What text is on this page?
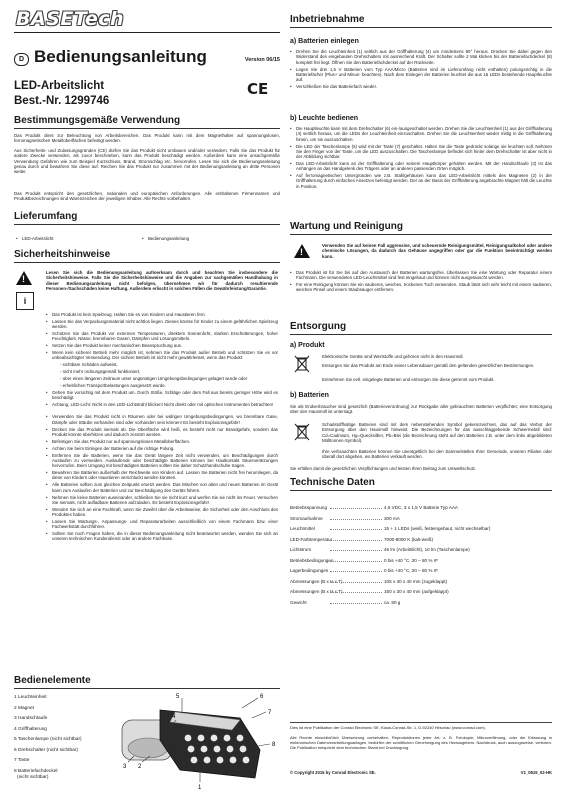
BASETech
D Bedienungsanleitung	Version 06/15
LED-Arbeitslicht
Best.-Nr. 1299746
CE
Bestimmungsgemäße Verwendung
Das Produkt dient zur Beleuchtung von Arbeitsbereichen. Das Produkt kann mit dem Magnethalter auf spannungslosen, ferromagnetischen Metalloberflächen befestigt werden.
Aus Sicherheits- und Zulassungsgründen (CE) dürfen Sie das Produkt nicht umbauen und/oder verändern. Falls Sie das Produkt für andere Zwecke verwenden, als zuvor beschrieben, kann das Produkt beschädigt werden. Außerdem kann eine unsachgemäße Verwendung Gefahren wie zum Beispiel Kurzschluss, Brand, Stromschlag etc. hervorrufen. Lesen Sie sich die Bedienungsanleitung genau durch und bewahren Sie diese auf. Reichen Sie das Produkt nur zusammen mit der Bedienungsanleitung an dritte Personen weiter.
Das Produkt entspricht den gesetzlichen, nationalen und europäischen Anforderungen. Alle enthaltenen Firmennamen und Produktbezeichnungen sind Warenzeichen der jeweiligen Inhaber. Alle Rechte vorbehalten.
Lieferumfang
• LED-Arbeitslicht	• Bedienungsanleitung
Sicherheitshinweise
!
i
Lesen Sie sich die Bedienungsanleitung aufmerksam durch und beachten Sie insbesondere die Sicherheitshinweise. Falls Sie die Sicherheitshinweise und die Angaben zur sachgemäßen Handhabung in dieser Bedienungsanleitung nicht befolgen, übernehmen wir für dadurch resultierende Personen-/Sachschäden keine Haftung. Außerdem erlischt in solchen Fällen die Gewährleistung/Garantie.
• Das Produkt ist kein Spielzeug. Halten Sie es von Kindern und Haustieren fern.
• Lassen Sie das Verpackungsmaterial nicht achtlos liegen. Dieses könnte für Kinder zu einem gefährlichen Spielzeug werden.
• Schützen Sie das Produkt vor extremen Temperaturen, direktem Sonnenlicht, starken Erschütterungen, hoher Feuchtigkeit, Nässe, brennbaren Gasen, Dämpfen und Lösungsmitteln.
• Setzen Sie das Produkt keiner mechanischen Beanspruchung aus.
• Wenn kein sicherer Betrieb mehr möglich ist, nehmen Sie das Produkt außer Betrieb und schützen Sie es vor unbeabsichtigter Verwendung. Der sichere Betrieb ist nicht mehr gewährleistet, wenn das Produkt:
- sichtbare Schäden aufweist,
- nicht mehr ordnungsgemäß funktioniert,
- über einen längeren Zeitraum unter ungünstigen Umgebungsbedingungen gelagert wurde oder
- erheblichen Transportbelastungen ausgesetzt wurde.
• Gehen Sie vorsichtig mit dem Produkt um. Durch Stöße, Schläge oder dem Fall aus bereits geringer Höhe wird es beschädigt.
• Achtung, LED-Licht: Nicht in den LED-Lichtstrahl blicken! Nicht direkt oder mit optischen Instrumenten betrachten!
• Verwenden Sie das Produkt nicht in Räumen oder bei widrigen Umgebungsbedingungen, wo brennbare Gase, Dämpfe oder Stäube vorhanden sind oder vorhanden sein können! Es besteht Explosionsgefahr!
• Decken Sie das Produkt niemals ab. Die Oberfläche wird heiß, es besteht nicht nur Brandgefahr, sondern das Produkt könnte überhitzen und dadurch zerstört werden.
• Befestigen Sie das Produkt nur auf spannungslosen Metalloberflächen.
• Achten Sie beim Einlegen der Batterien auf die richtige Polung.
• Entfernen Sie die Batterien, wenn Sie das Gerät längere Zeit nicht verwenden, um Beschädigungen durch Auslaufen zu vermeiden. Auslaufende oder beschädigte Batterien können bei Hautkontakt Säureverätzungen hervorrufen. Beim Umgang mit beschädigten Batterien sollten Sie daher Schutzhandschuhe tragen.
• Bewahren Sie Batterien außerhalb der Reichweite von Kindern auf. Lassen Sie Batterien nicht frei herumliegen, da diese von Kindern oder Haustieren verschluckt werden könnten.
• Alle Batterien sollten zum gleichen Zeitpunkt ersetzt werden. Das Mischen von alten und neuen Batterien im Gerät kann zum Auslaufen der Batterien und zur Beschädigung des Geräts führen.
• Nehmen Sie keine Batterien auseinander, schließen Sie sie nicht kurz und werfen Sie sie nicht ins Feuer. Versuchen Sie niemals, nicht aufladbare Batterien aufzuladen. Es besteht Explosionsgefahr!
• Wenden Sie sich an eine Fachkraft, wenn Sie Zweifel über die Arbeitsweise, die Sicherheit oder den Anschluss des Produktes haben.
• Lassen Sie Wartungs-, Anpassungs- und Reparaturarbeiten ausschließlich von einem Fachmann bzw. einer Fachwerkstatt durchführen.
• Sollten Sie noch Fragen haben, die in dieser Bedienungsanleitung nicht beantwortet werden, wenden Sie sich an unseren technischen Kundendienst oder an andere Fachleute.
Bedienelemente
1 Leuchteinheit
2 Magnet
3 Handschlaufe
4 Griffhalterung
5 Taschenlampe (nicht sichtbar)
6 Drehschalter (nicht sichtbar)
7 Taste
8 Batteriefachdeckel
(nicht sichtbar)
5	6
7
8
1
3 2
4
Inbetriebnahme
a) Batterien einlegen
• Drehen Sie die Leuchteinheit (1) seitlich aus der Griffhalterung (4) um mindestens 90° heraus. Drücken Sie dabei gegen den Widerstand des eingebauten Drehschalters mit ausreichend Kraft. Der Schalter sollte 2 Mal klicken bis der Batteriefachdeckel (8) komplett frei liegt. Öffnen Sie den Batteriefachdeckel auf der Rückseite.
• Legen Sie drei 1,5 V Batterien vom Typ AAA/Micro (Batterien sind im Lieferumfang nicht enthalten) polungsrichtig in die Batteriefächer (Plus+ und Minus- beachten). Nach dem Einlegen der Batterien leuchtet die aus 15 LEDs bestehende Hauptleuchte auf.
• Verschließen Sie das Batteriefach wieder.
b) Leuchte bedienen
• Die Hauptleuchte kann mit dem Drehschalter (6) ein-/ausgeschaltet werden. Drehen Sie die Leuchteinheit (1) aus der Griffhalterung (4) seitlich heraus, um die LEDs der Leuchteinheit einzuschalten. Drehen Sie die Leuchteinheit wieder mittig in die Griffhalterung hinein, um sie auszuschalten.
• Die LED der Taschenlampe (5) wird mit der Taste (7) geschaltet. Halten Sie die Taste gedrückt solange sie leuchten soll. Nehmen Sie den Finger von der Taste, um die LED auszuschalten. Die Taschenlampe befindet sich hinter dem Drehschalter ist aber nicht in der Abbildung sichtbar.
• Das LED-Arbeitslicht kann an der Griffhalterung oder seinem Hauptkörper gehalten werden. Mit der Handschlaufe (3) ist das Anhängen an das Handgelenk des Trägers oder an anderen passenden Orten möglich.
• Auf ferromagnetischen Untergründen wie z.B. Stahlgehäusen kann das LED-Arbeitslicht mittels des Magneten (2) in der Griffhalterung durch einfaches Ansetzen befestigt werden. Der an der Basis der Griffhalterung angebrachte Magnet hält die Leuchte in Position.
Wartung und Reinigung
!
Verwenden Sie auf keinen Fall aggressive, und scheuernde Reinigungsmittel, Reinigungsalkohol oder andere chemische Lösungen, da dadurch das Gehäuse angegriffen oder gar die Funktion beeinträchtigt werden kann.
• Das Produkt ist für Sie bis auf den Austausch der Batterien wartungsfrei. Überlassen Sie eine Wartung oder Reparatur einem Fachmann. Die verwendeten LED-Leuchtmittel sind fest eingebaut und können nicht ausgetauscht werden.
• Für eine Reinigung können Sie ein sauberes, weiches, trockenes Tuch verwenden. Staub lässt sich sehr leicht mit einem sauberen, weichen Pinsel und einem Staubsauger entfernen.
Entsorgung
a) Produkt
Elektronische Geräte sind Wertstoffe und gehören nicht in den Hausmüll.
Entsorgen Sie das Produkt am Ende seiner Lebensdauer gemäß den geltenden gesetzlichen Bestimmungen.
Entnehmen Sie evtl. eingelegte Batterien und entsorgen Sie diese getrennt vom Produkt.
b) Batterien
Sie als Endverbraucher sind gesetzlich (Batterieverordnung) zur Rückgabe aller gebrauchten Batterien verpflichtet; eine Entsorgung über den Hausmüll ist untersagt.
Schadstoffhaltige Batterien sind mit dem nebenstehenden Symbol gekennzeichnet, das auf das Verbot der Entsorgung über den Hausmüll hinweist. Die Bezeichnungen für das ausschlaggebende Schwermetall sind: Cd=Cadmium, Hg=Quecksilber, Pb=Blei (die Bezeichnung steht auf den Batterien z.B. unter dem links abgebildeten Mülltonnen-Symbol).
Ihre verbrauchten Batterien können Sie unentgeltlich bei den Sammelstellen Ihrer Gemeinde, unseren Filialen oder überall dort abgeben, wo Batterien verkauft werden.
Sie erfüllen damit die gesetzlichen Verpflichtungen und leisten Ihren Beitrag zum Umweltschutz.
Technische Daten
Betriebsspannung	4,5 VDC, 3 x 1,5 V Batterie Typ AAA
Stromaufnahme	300 mA
Leuchtmittel	15 + 1 LEDs (weiß, festeingebaut, nicht wechselbar)
LED-Farbtemperatur	7000-8000 K (kalt-weiß)
Lichtstrom	45 lm (Arbeitslicht), 10 lm (Taschenlampe)
Betriebsbedingungen	0 bis +40 °C, 20 – 80 % rF
Lagerbedingungen	0 bis +40 °C, 20 – 80 % rF
Abmessungen (B x H x T)	105 x 30 x 40 mm (zugeklappt)
Abmessungen (B x H x T)	160 x 30 x 40 mm (aufgeklappt)
Gewicht	ca. 80 g
Dies ist eine Publikation der Conrad Electronic SE, Klaus-Conrad-Str. 1, D-92240 Hirschau (www.conrad.com).
Alle Rechte einschließlich Übersetzung vorbehalten. Reproduktionen jeder Art, z. B. Fotokopie, Mikroverfilmung, oder die Erfassung in elektronischen Datenverarbeitungsanlagen, bedürfen der schriftlichen Genehmigung des Herausgebers. Nachdruck, auch auszugsweise, verboten. Die Publikation entspricht dem technischen Stand bei Drucklegung.
© Copyright 2015 by Conrad Electronic SE.	V1_0615_02-HK
